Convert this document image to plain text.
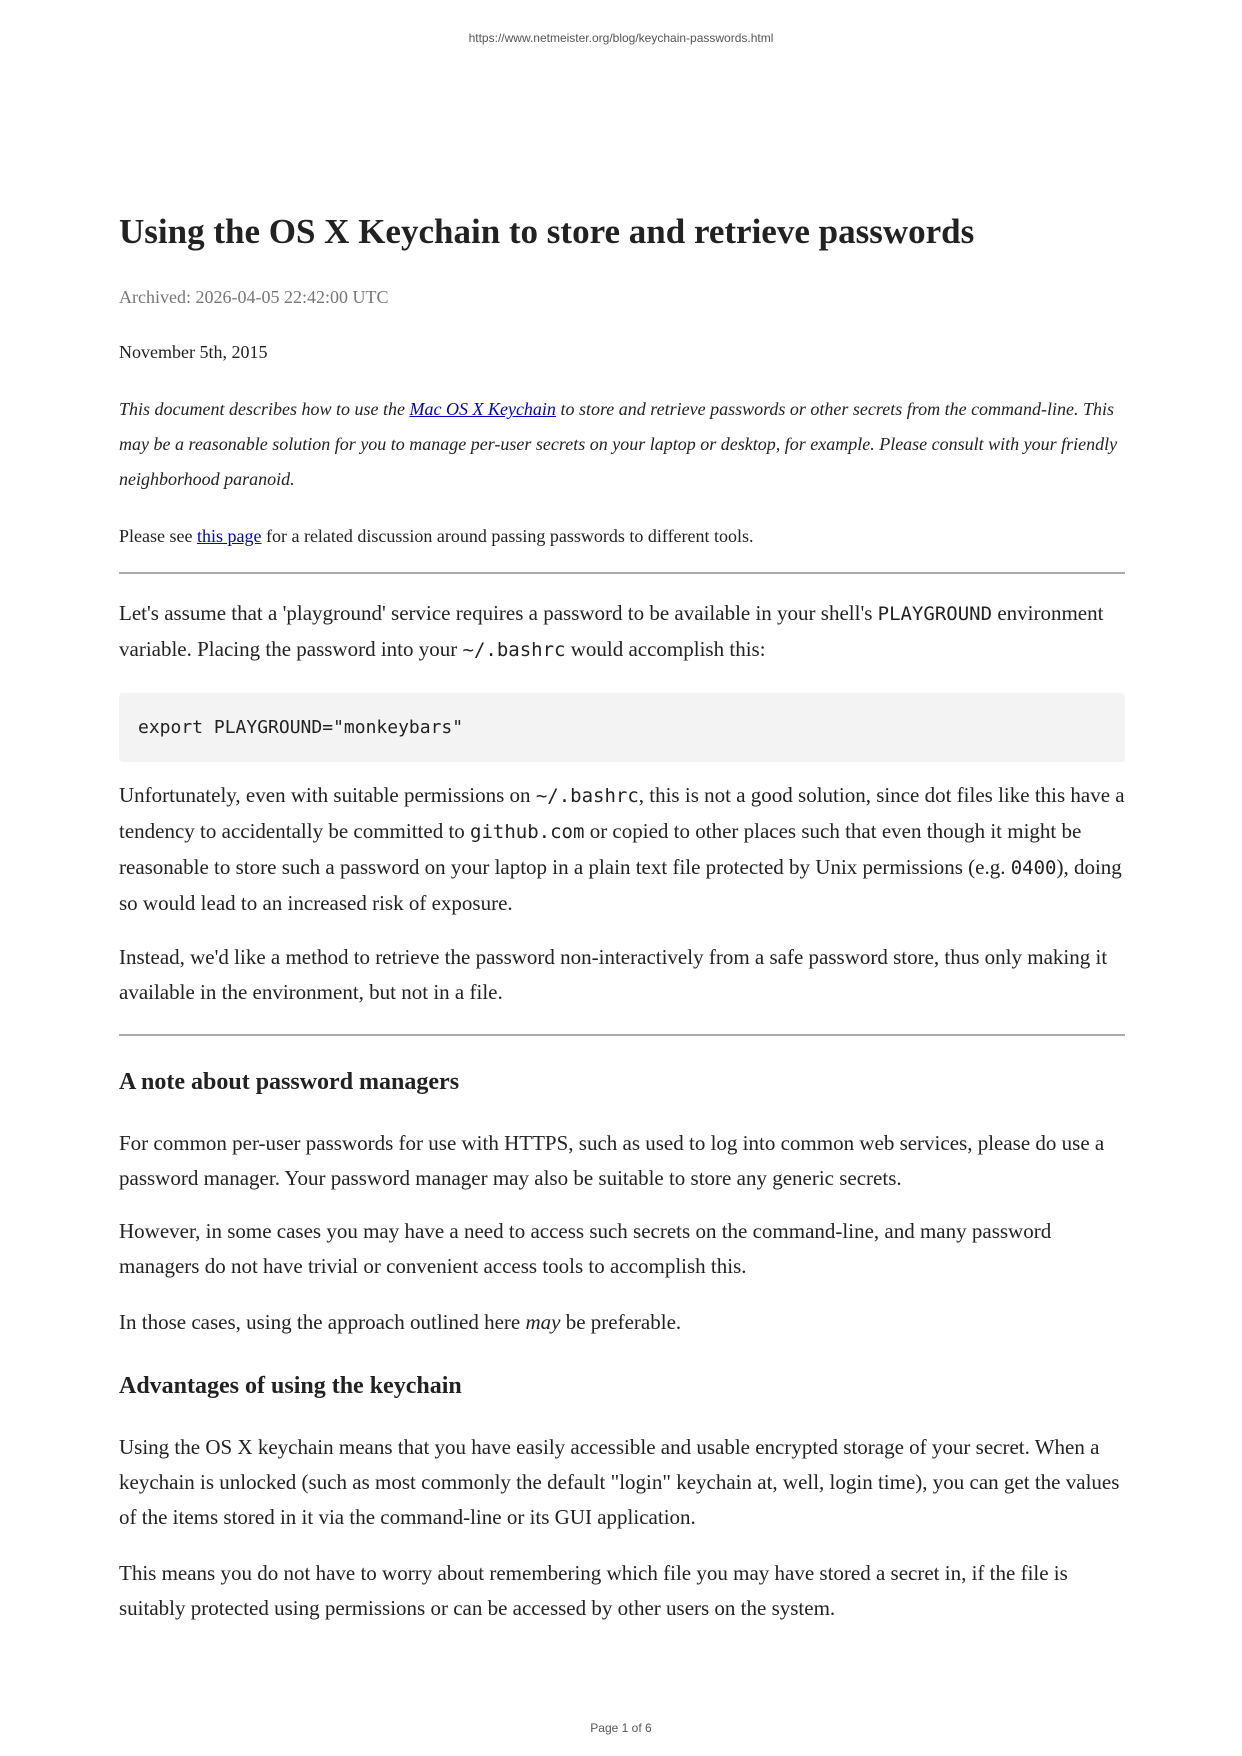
https://www.netmeister.org/blog/keychain-passwords.html
Using the OS X Keychain to store and retrieve passwords
Archived: 2026-04-05 22:42:00 UTC
November 5th, 2015

This document describes how to use the Mac OS X Keychain to store and retrieve passwords or other secrets from the command-line. This may be a reasonable solution for you to manage per-user secrets on your laptop or desktop, for example. Please consult with your friendly neighborhood paranoid.

Please see this page for a related discussion around passing passwords to different tools.

Let's assume that a 'playground' service requires a password to be available in your shell's PLAYGROUND environment variable. Placing the password into your ~/.bashrc would accomplish this:

export PLAYGROUND="monkeybars"

Unfortunately, even with suitable permissions on ~/.bashrc, this is not a good solution, since dot files like this have a tendency to accidentally be committed to github.com or copied to other places such that even though it might be reasonable to store such a password on your laptop in a plain text file protected by Unix permissions (e.g. 0400), doing so would lead to an increased risk of exposure.

Instead, we'd like a method to retrieve the password non-interactively from a safe password store, thus only making it available in the environment, but not in a file.

A note about password managers

For common per-user passwords for use with HTTPS, such as used to log into common web services, please do use a password manager. Your password manager may also be suitable to store any generic secrets.

However, in some cases you may have a need to access such secrets on the command-line, and many password managers do not have trivial or convenient access tools to accomplish this.

In those cases, using the approach outlined here may be preferable.

Advantages of using the keychain

Using the OS X keychain means that you have easily accessible and usable encrypted storage of your secret. When a keychain is unlocked (such as most commonly the default "login" keychain at, well, login time), you can get the values of the items stored in it via the command-line or its GUI application.

This means you do not have to worry about remembering which file you may have stored a secret in, if the file is suitably protected using permissions or can be accessed by other users on the system.

Page 1 of 6
